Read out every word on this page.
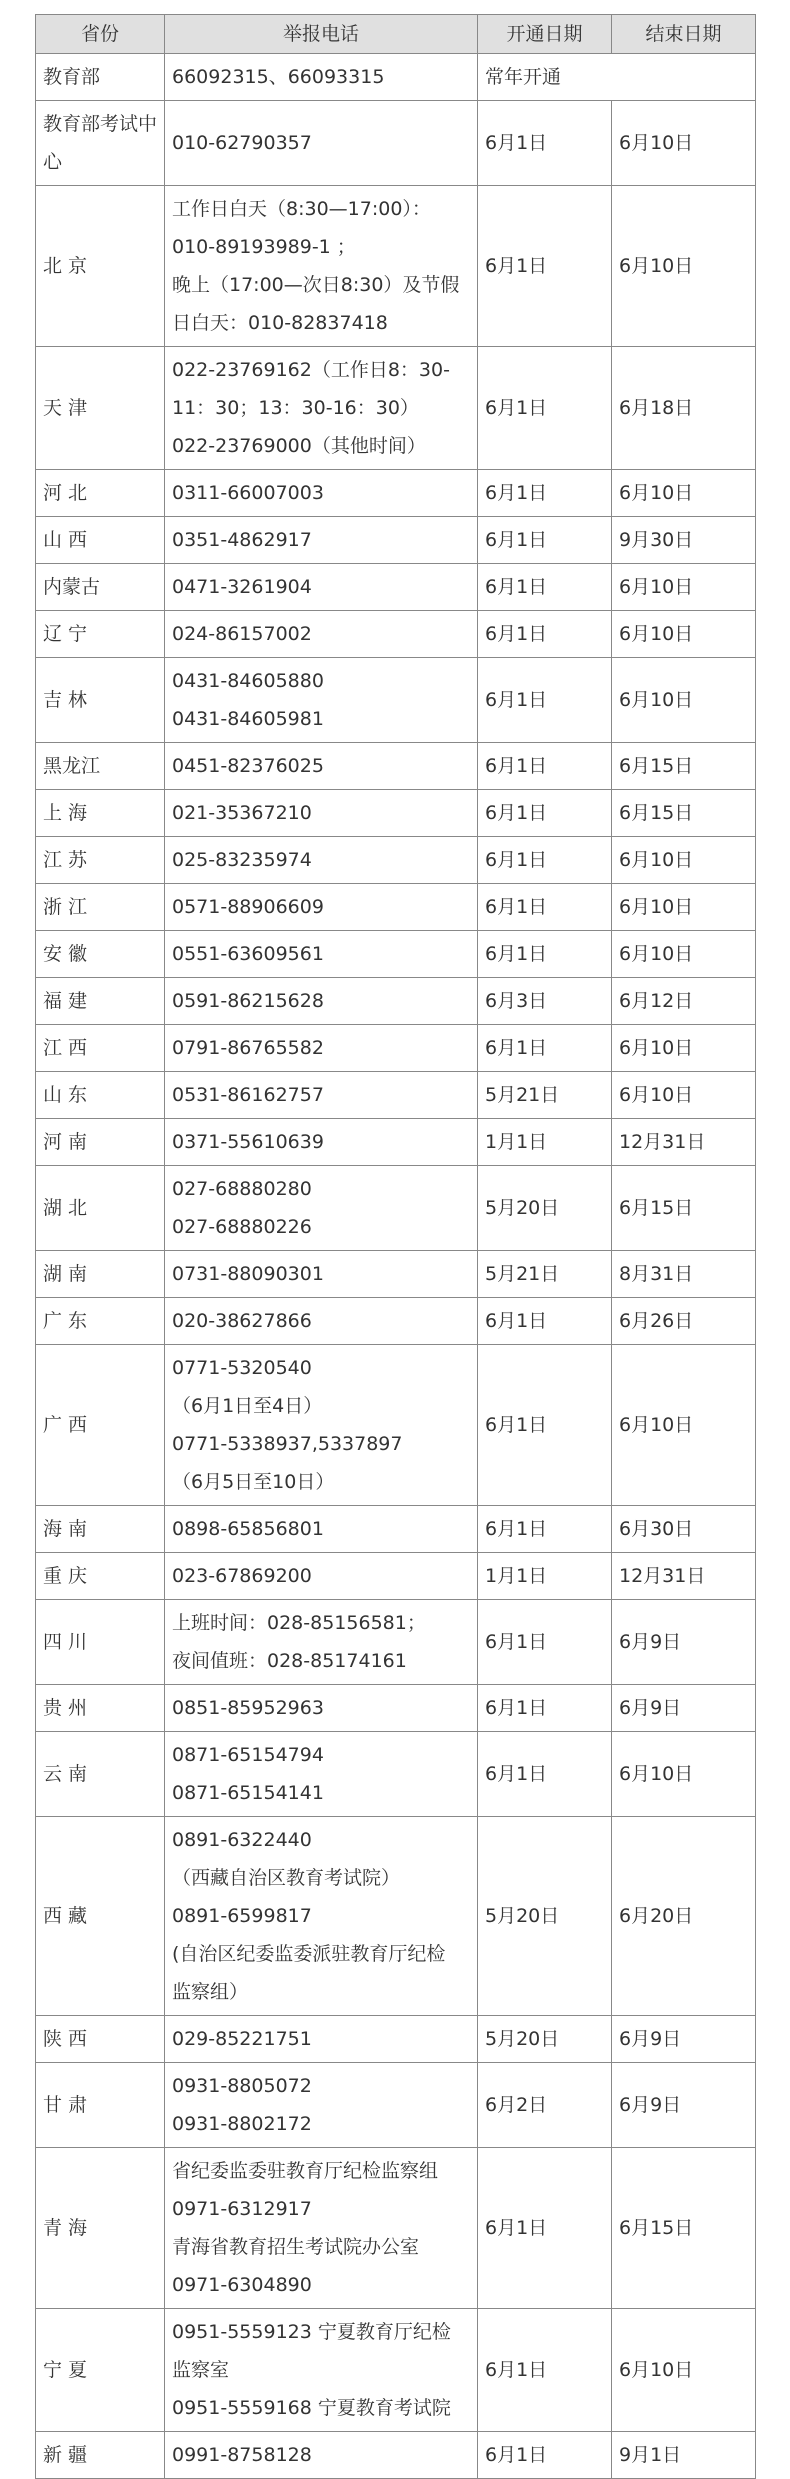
省份	举报电话	开通日期	结束日期
教育部	66092315、66093315	常年开通	
教育部考试中心	010-62790357	6月1日	6月10日
北 京	工作日白天（8:30—17:00）：
010-89193989-1 ；
晚上（17:00—次日8:30）及节假
日白天：010-82837418	6月1日	6月10日
天 津	022-23769162（工作日8：30-
11：30；13：30-16：30）
022-23769000（其他时间）	6月1日	6月18日
河 北	0311-66007003	6月1日	6月10日
山 西	0351-4862917	6月1日	9月30日
内蒙古	0471-3261904	6月1日	6月10日
辽 宁	024-86157002	6月1日	6月10日
吉 林	0431-84605880
0431-84605981	6月1日	6月10日
黑龙江	0451-82376025	6月1日	6月15日
上 海	021-35367210	6月1日	6月15日
江 苏	025-83235974	6月1日	6月10日
浙 江	0571-88906609	6月1日	6月10日
安 徽	0551-63609561	6月1日	6月10日
福 建	0591-86215628	6月3日	6月12日
江 西	0791-86765582	6月1日	6月10日
山 东	0531-86162757	5月21日	6月10日
河 南	0371-55610639	1月1日	12月31日
湖 北	027-68880280
027-68880226	5月20日	6月15日
湖 南	0731-88090301	5月21日	8月31日
广 东	020-38627866	6月1日	6月26日
广 西	0771-5320540
（6月1日至4日）
0771-5338937,5337897
（6月5日至10日）	6月1日	6月10日
海 南	0898-65856801	6月1日	6月30日
重 庆	023-67869200	1月1日	12月31日
四 川	上班时间：028-85156581；
夜间值班：028-85174161	6月1日	6月9日
贵 州	0851-85952963	6月1日	6月9日
云 南	0871-65154794
0871-65154141	6月1日	6月10日
西 藏	0891-6322440
（西藏自治区教育考试院）
0891-6599817
(自治区纪委监委派驻教育厅纪检
监察组）	5月20日	6月20日
陕 西	029-85221751	5月20日	6月9日
甘 肃	0931-8805072
0931-8802172	6月2日	6月9日
青 海	省纪委监委驻教育厅纪检监察组
0971-6312917
青海省教育招生考试院办公室
0971-6304890	6月1日	6月15日
宁 夏	0951-5559123 宁夏教育厅纪检
监察室
0951-5559168 宁夏教育考试院	6月1日	6月10日
新 疆	0991-8758128	6月1日	9月1日
